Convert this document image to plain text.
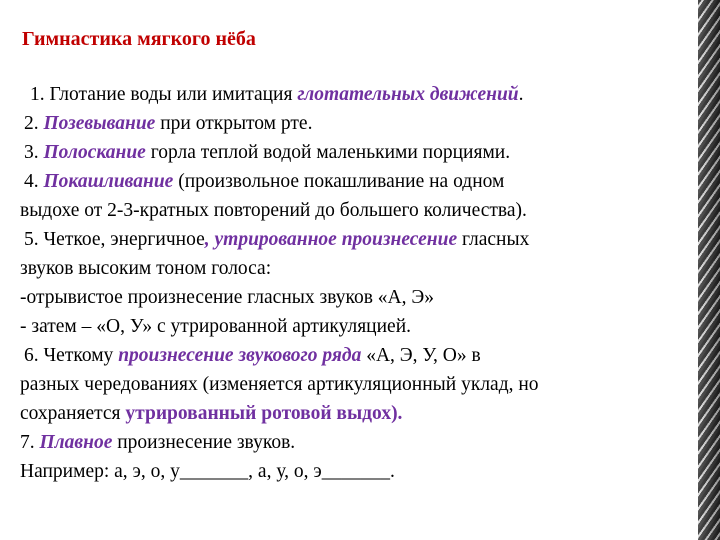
Гимнастика мягкого нёба
1. Глотание воды или имитация глотательных движений.
2. Позевывание при открытом рте.
3. Полоскание горла теплой водой маленькими порциями.
4. Покашливание (произвольное покашливание на одном
выдохе от 2-3-кратных повторений до большего количества).
5. Четкое, энергичное, утрированное произнесение гласных
звуков высоким тоном голоса:
-отрывистое произнесение гласных звуков «А, Э»
- затем – «О, У» с утрированной артикуляцией.
6. Четкому произнесение звукового ряда «А, Э, У, О» в
разных чередованиях (изменяется артикуляционный уклад, но
сохраняется утрированный ротовой выдох).
7. Плавное произнесение звуков.
Например: а, э, о, у_______, а, у, о, э_______.
